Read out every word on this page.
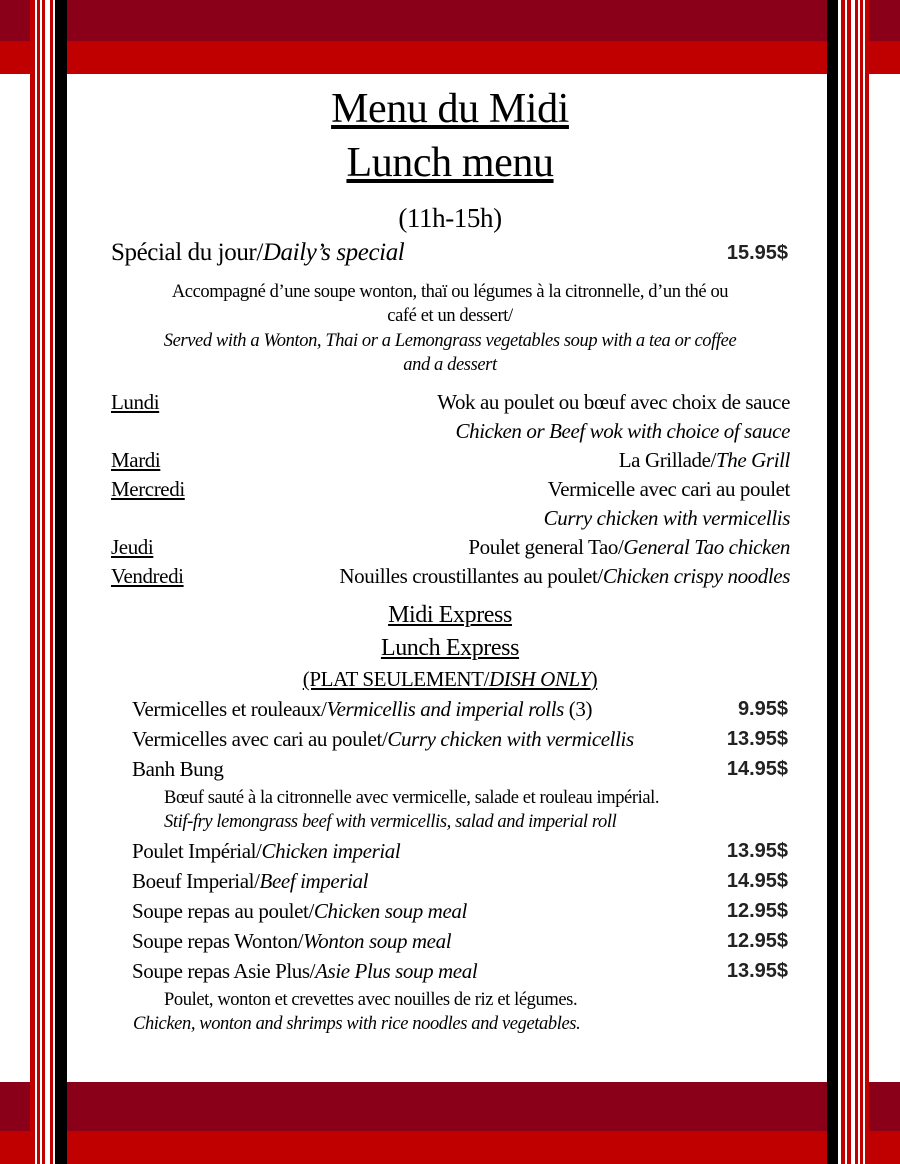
Menu du Midi
Lunch menu
(11h-15h)
Spécial du jour/Daily’s special	15.95$
Accompagné d’une soupe wonton, thaï ou légumes à la citronnelle, d’un thé ou
café et un dessert/
Served with a Wonton, Thai or a Lemongrass vegetables soup with a tea or coffee
and a dessert
Lundi	Wok au poulet ou bœuf avec choix de sauce
Chicken or Beef wok with choice of sauce
Mardi	La Grillade/The Grill
Mercredi	Vermicelle avec cari au poulet
Curry chicken with vermicellis
Jeudi	Poulet general Tao/General Tao chicken
Vendredi	Nouilles croustillantes au poulet/Chicken crispy noodles
Midi Express
Lunch Express
(PLAT SEULEMENT/DISH ONLY)
Vermicelles et rouleaux/Vermicellis and imperial rolls (3)	9.95$
Vermicelles avec cari au poulet/Curry chicken with vermicellis	13.95$
Banh Bung	14.95$
Bœuf sauté à la citronnelle avec vermicelle, salade et rouleau impérial.
Stif-fry lemongrass beef with vermicellis, salad and imperial roll
Poulet Impérial/Chicken imperial	13.95$
Boeuf Imperial/Beef imperial	14.95$
Soupe repas au poulet/Chicken soup meal	12.95$
Soupe repas Wonton/Wonton soup meal	12.95$
Soupe repas Asie Plus/Asie Plus soup meal	13.95$
Poulet, wonton et crevettes avec nouilles de riz et légumes.
Chicken, wonton and shrimps with rice noodles and vegetables.
